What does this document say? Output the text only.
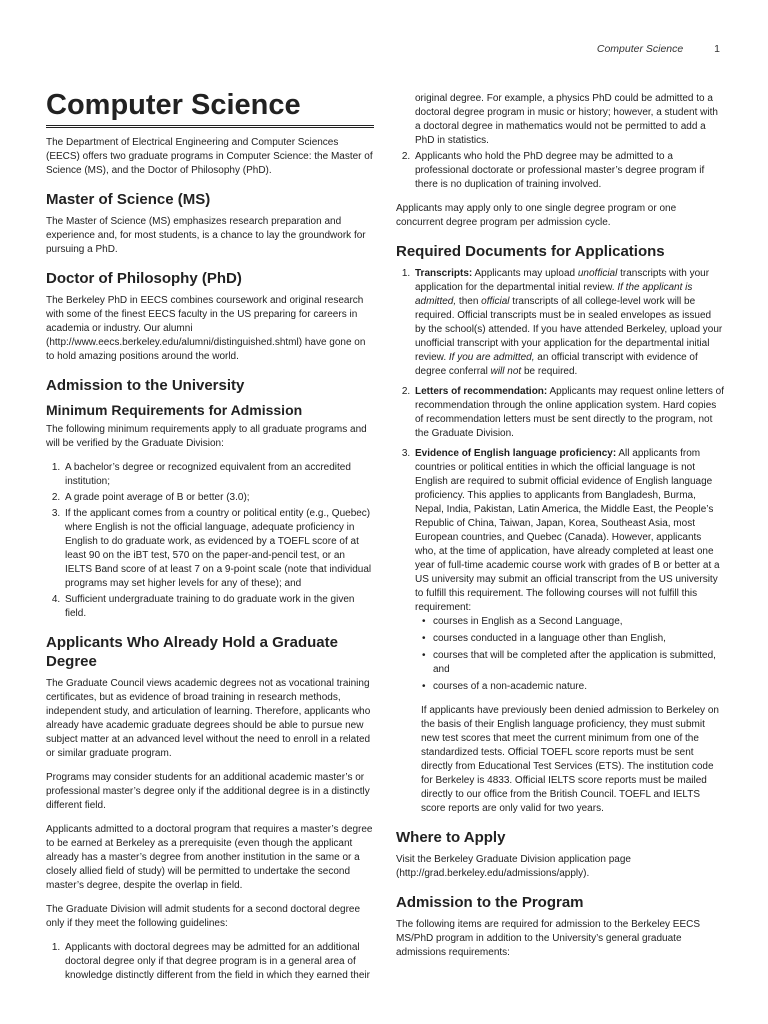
Computer Science	1
Computer Science

The Department of Electrical Engineering and Computer Sciences (EECS) offers two graduate programs in Computer Science: the Master of Science (MS), and the Doctor of Philosophy (PhD).

Master of Science (MS)

The Master of Science (MS) emphasizes research preparation and experience and, for most students, is a chance to lay the groundwork for pursuing a PhD.

Doctor of Philosophy (PhD)

The Berkeley PhD in EECS combines coursework and original research with some of the finest EECS faculty in the US preparing for careers in academia or industry. Our alumni (http://www.eecs.berkeley.edu/alumni/distinguished.shtml) have gone on to hold amazing positions around the world.

Admission to the University
Minimum Requirements for Admission

The following minimum requirements apply to all graduate programs and will be verified by the Graduate Division:

1. A bachelor’s degree or recognized equivalent from an accredited institution;
2. A grade point average of B or better (3.0);
3. If the applicant comes from a country or political entity (e.g., Quebec) where English is not the official language, adequate proficiency in English to do graduate work, as evidenced by a TOEFL score of at least 90 on the iBT test, 570 on the paper-and-pencil test, or an IELTS Band score of at least 7 on a 9-point scale (note that individual programs may set higher levels for any of these); and
4. Sufficient undergraduate training to do graduate work in the given field.
Applicants Who Already Hold a Graduate Degree

The Graduate Council views academic degrees not as vocational training certificates, but as evidence of broad training in research methods, independent study, and articulation of learning. Therefore, applicants who already have academic graduate degrees should be able to pursue new subject matter at an advanced level without the need to enroll in a related or similar graduate program.

Programs may consider students for an additional academic master’s or professional master’s degree only if the additional degree is in a distinctly different field.

Applicants admitted to a doctoral program that requires a master’s degree to be earned at Berkeley as a prerequisite (even though the applicant already has a master’s degree from another institution in the same or a closely allied field of study) will be permitted to undertake the second master’s degree, despite the overlap in field.

The Graduate Division will admit students for a second doctoral degree only if they meet the following guidelines:

1. Applicants with doctoral degrees may be admitted for an additional doctoral degree only if that degree program is in a general area of knowledge distinctly different from the field in which they earned their

original degree. For example, a physics PhD could be admitted to a doctoral degree program in music or history; however, a student with a doctoral degree in mathematics would not be permitted to add a PhD in statistics.

2. Applicants who hold the PhD degree may be admitted to a professional doctorate or professional master’s degree program if there is no duplication of training involved.

Applicants may apply only to one single degree program or one concurrent degree program per admission cycle.

Required Documents for Applications
1. Transcripts: Applicants may upload unofficial transcripts with your application for the departmental initial review. If the applicant is admitted, then official transcripts of all college-level work will be required. Official transcripts must be in sealed envelopes as issued by the school(s) attended. If you have attended Berkeley, upload your unofficial transcript with your application for the departmental initial review. If you are admitted, an official transcript with evidence of degree conferral will not be required.
2. Letters of recommendation: Applicants may request online letters of recommendation through the online application system. Hard copies of recommendation letters must be sent directly to the program, not the Graduate Division.
3. Evidence of English language proficiency: All applicants from countries or political entities in which the official language is not English are required to submit official evidence of English language proficiency. This applies to applicants from Bangladesh, Burma, Nepal, India, Pakistan, Latin America, the Middle East, the People’s Republic of China, Taiwan, Japan, Korea, Southeast Asia, most European countries, and Quebec (Canada). However, applicants who, at the time of application, have already completed at least one year of full-time academic course work with grades of B or better at a US university may submit an official transcript from the US university to fulfill this requirement. The following courses will not fulfill this requirement:
• courses in English as a Second Language,
• courses conducted in a language other than English,
• courses that will be completed after the application is submitted, and
• courses of a non-academic nature.

If applicants have previously been denied admission to Berkeley on the basis of their English language proficiency, they must submit new test scores that meet the current minimum from one of the standardized tests. Official TOEFL score reports must be sent directly from Educational Test Services (ETS). The institution code for Berkeley is 4833. Official IELTS score reports must be mailed directly to our office from the British Council. TOEFL and IELTS score reports are only valid for two years.

Where to Apply

Visit the Berkeley Graduate Division application page (http://grad.berkeley.edu/admissions/apply).

Admission to the Program

The following items are required for admission to the Berkeley EECS MS/PhD program in addition to the University’s general graduate admissions requirements:
